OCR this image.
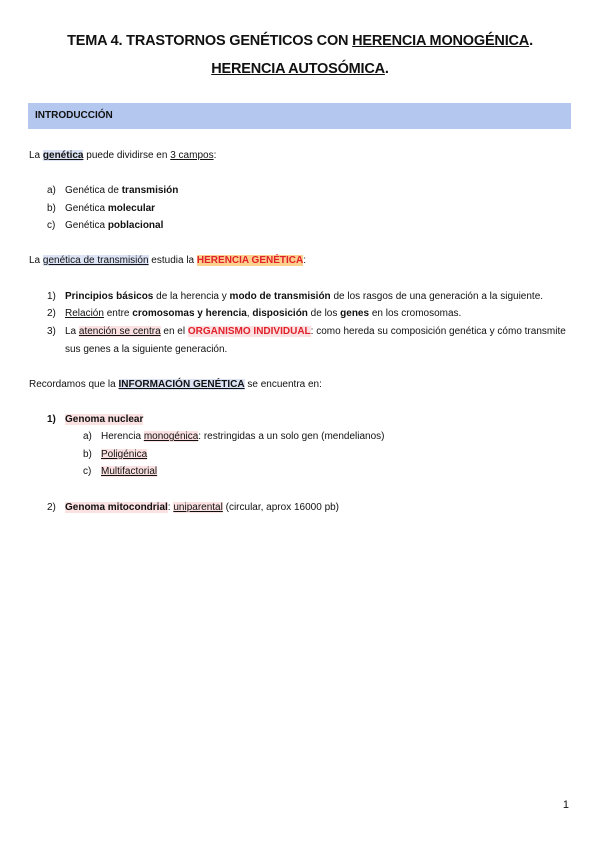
TEMA 4. TRASTORNOS GENÉTICOS CON HERENCIA MONOGÉNICA.
HERENCIA AUTOSÓMICA.
INTRODUCCIÓN
La genética puede dividirse en 3 campos:
a) Genética de transmisión
b) Genética molecular
c) Genética poblacional
La genética de transmisión estudia la HERENCIA GENÉTICA:
1) Principios básicos de la herencia y modo de transmisión de los rasgos de una generación a la siguiente.
2) Relación entre cromosomas y herencia, disposición de los genes en los cromosomas.
3) La atención se centra en el ORGANISMO INDIVIDUAL: como hereda su composición genética y cómo transmite
sus genes a la siguiente generación.
Recordamos que la INFORMACIÓN GENÉTICA se encuentra en:
1) Genoma nuclear
a) Herencia monogénica: restringidas a un solo gen (mendelianos)
b) Poligénica
c) Multifactorial
2) Genoma mitocondrial: uniparental (circular, aprox 16000 pb)
1
